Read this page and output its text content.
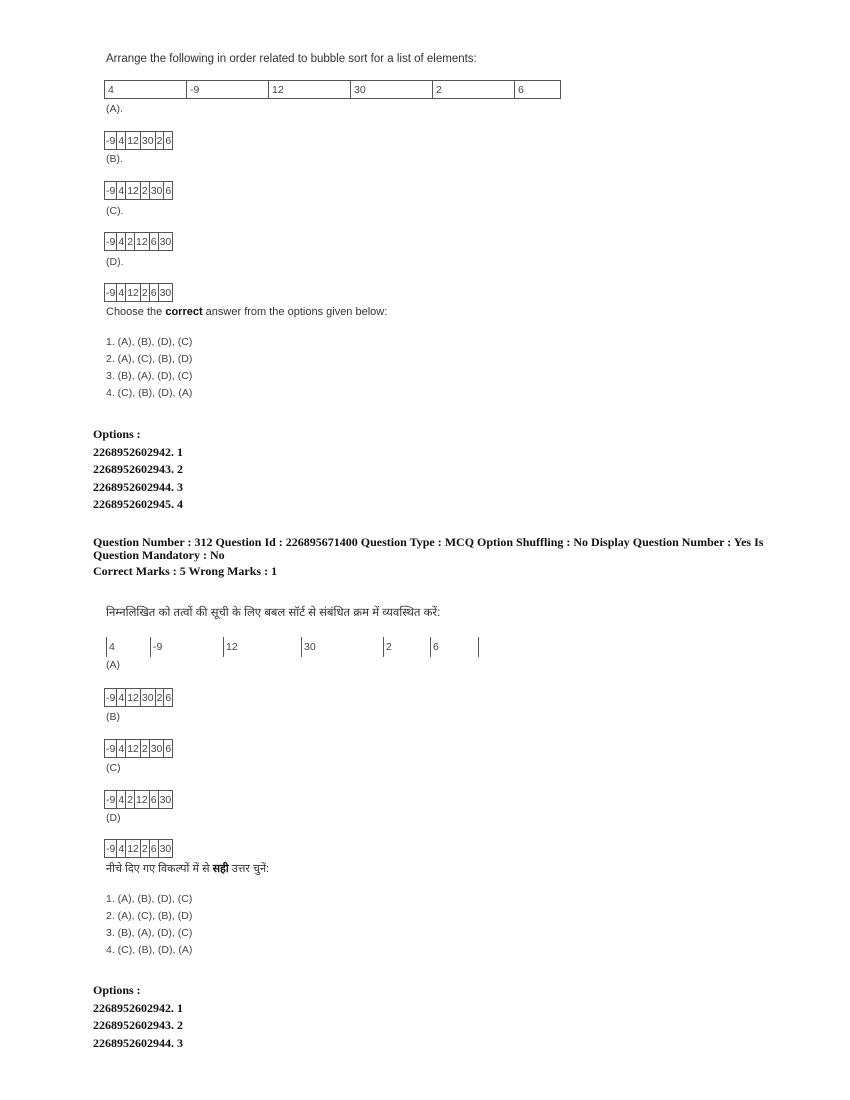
Arrange the following in order related to bubble sort for a list of elements:
4	-9	12	30	2	6
(A).
-9	4	12	30	2	6
(B).
-9	4	12	2	30	6
(C).
-9	4	2	12	6	30
(D).
-9	4	12	2	6	30
Choose the correct answer from the options given below:
1. (A), (B), (D), (C)
2. (A), (C), (B), (D)
3. (B), (A), (D), (C)
4. (C), (B), (D), (A)
Options :
2268952602942. 1
2268952602943. 2
2268952602944. 3
2268952602945. 4
Question Number : 312 Question Id : 226895671400 Question Type : MCQ Option Shuffling : No Display Question Number : Yes Is Question Mandatory : No
Correct Marks : 5 Wrong Marks : 1
निम्नलिखित को तत्वों की सूची के लिए बबल सॉर्ट से संबंधित क्रम में व्यवस्थित करें:
4	-9	12	30	2	6
(A)
-9	4	12	30	2	6
(B)
-9	4	12	2	30	6
(C)
-9	4	2	12	6	30
(D)
-9	4	12	2	6	30
नीचे दिए गए विकल्पों में से सही उत्तर चुनें:
1. (A), (B), (D), (C)
2. (A), (C), (B), (D)
3. (B), (A), (D), (C)
4. (C), (B), (D), (A)
Options :
2268952602942. 1
2268952602943. 2
2268952602944. 3
